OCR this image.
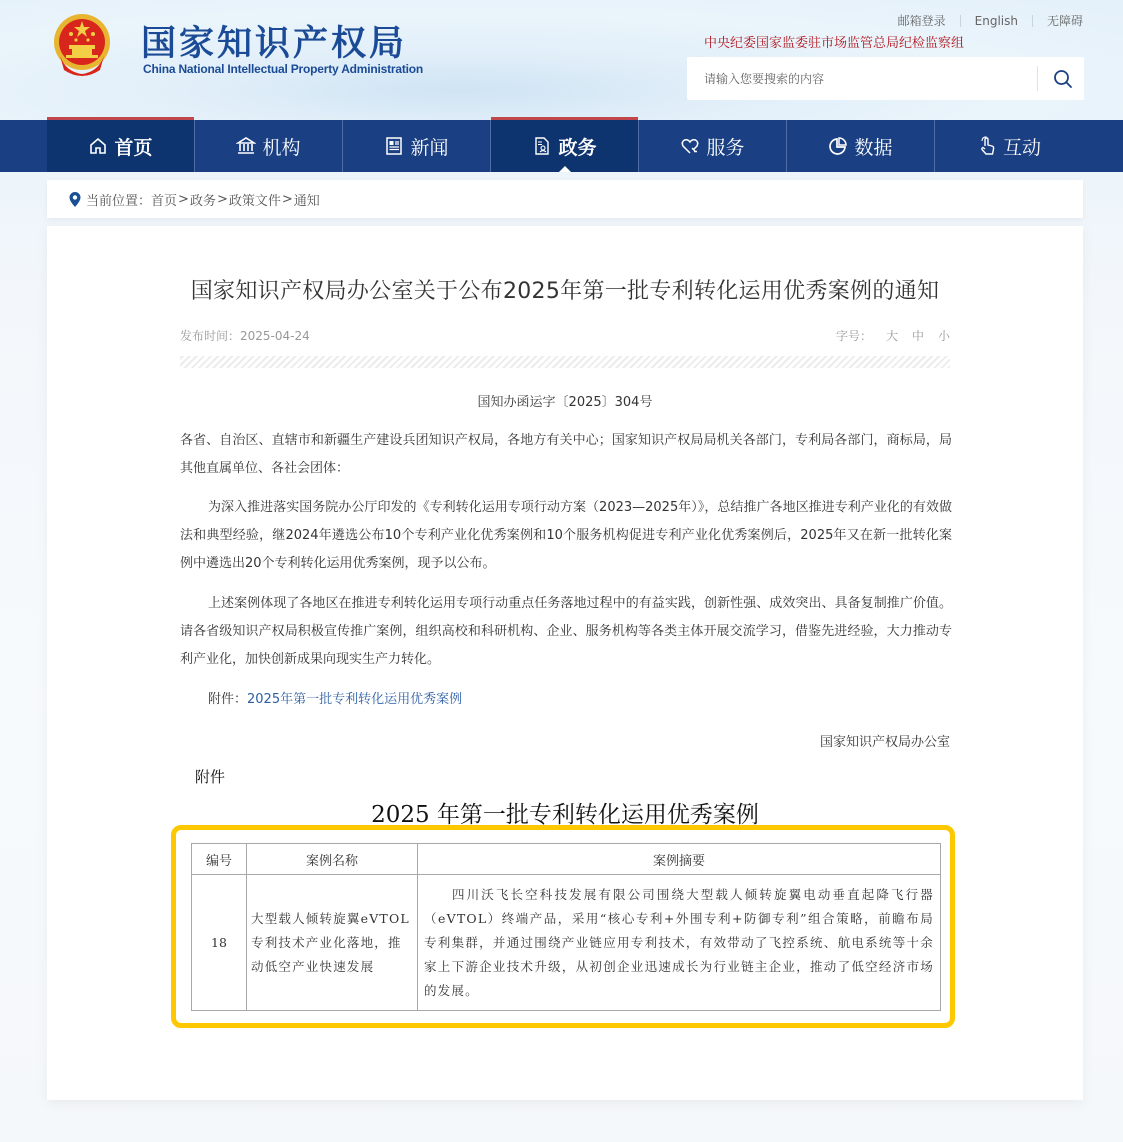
国家知识产权局
China National Intellectual Property Administration
邮箱登录 English 无障碍
中央纪委国家监委驻市场监管总局纪检监察组
请输入您要搜索的内容
首页	机构	新闻	政务	服务	数据	互动
当前位置： 首页 > 政务 > 政策文件 > 通知
国家知识产权局办公室关于公布2025年第一批专利转化运用优秀案例的通知
发布时间：2025-04-24	字号： 大 中 小
国知办函运字〔2025〕304号

各省、自治区、直辖市和新疆生产建设兵团知识产权局，各地方有关中心；国家知识产权局局机关各部门，专利局各部门，商标局，局其他直属单位、各社会团体：

为深入推进落实国务院办公厅印发的《专利转化运用专项行动方案（2023—2025年）》，总结推广各地区推进专利产业化的有效做法和典型经验，继2024年遴选公布10个专利产业化优秀案例和10个服务机构促进专利产业化优秀案例后，2025年又在新一批转化案例中遴选出20个专利转化运用优秀案例，现予以公布。

上述案例体现了各地区在推进专利转化运用专项行动重点任务落地过程中的有益实践，创新性强、成效突出、具备复制推广价值。请各省级知识产权局积极宣传推广案例，组织高校和科研机构、企业、服务机构等各类主体开展交流学习，借鉴先进经验，大力推动专利产业化，加快创新成果向现实生产力转化。

附件：2025年第一批专利转化运用优秀案例
国家知识产权局办公室
附件
2025 年第一批专利转化运用优秀案例
编号	案例名称	案例摘要
18	大型载人倾转旋翼eVTOL专利技术产业化落地，推动低空产业快速发展	四川沃飞长空科技发展有限公司围绕大型载人倾转旋翼电动垂直起降飞行器（eVTOL）终端产品，采用“核心专利+外围专利+防御专利”组合策略，前瞻布局专利集群，并通过围绕产业链应用专利技术，有效带动了飞控系统、航电系统等十余家上下游企业技术升级，从初创企业迅速成长为行业链主企业，推动了低空经济市场的发展。
